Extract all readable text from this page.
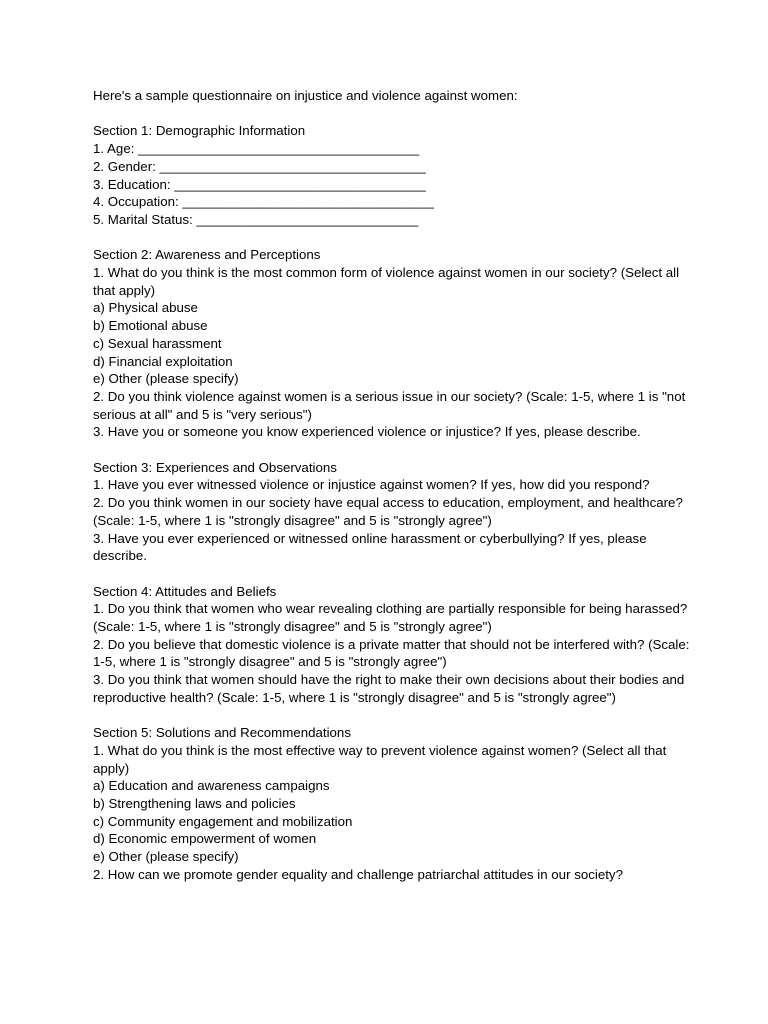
Here's a sample questionnaire on injustice and violence against women:
Section 1: Demographic Information
1. Age: ______________________________________
2. Gender: ____________________________________
3. Education: __________________________________
4. Occupation: __________________________________
5. Marital Status: ______________________________
Section 2: Awareness and Perceptions
1. What do you think is the most common form of violence against women in our society? (Select all that apply)
a) Physical abuse
b) Emotional abuse
c) Sexual harassment
d) Financial exploitation
e) Other (please specify)
2. Do you think violence against women is a serious issue in our society? (Scale: 1-5, where 1 is "not serious at all" and 5 is "very serious")
3. Have you or someone you know experienced violence or injustice? If yes, please describe.
Section 3: Experiences and Observations
1. Have you ever witnessed violence or injustice against women? If yes, how did you respond?
2. Do you think women in our society have equal access to education, employment, and healthcare? (Scale: 1-5, where 1 is "strongly disagree" and 5 is "strongly agree")
3. Have you ever experienced or witnessed online harassment or cyberbullying? If yes, please describe.
Section 4: Attitudes and Beliefs
1. Do you think that women who wear revealing clothing are partially responsible for being harassed? (Scale: 1-5, where 1 is "strongly disagree" and 5 is "strongly agree")
2. Do you believe that domestic violence is a private matter that should not be interfered with? (Scale: 1-5, where 1 is "strongly disagree" and 5 is "strongly agree")
3. Do you think that women should have the right to make their own decisions about their bodies and reproductive health? (Scale: 1-5, where 1 is "strongly disagree" and 5 is "strongly agree")
Section 5: Solutions and Recommendations
1. What do you think is the most effective way to prevent violence against women? (Select all that apply)
a) Education and awareness campaigns
b) Strengthening laws and policies
c) Community engagement and mobilization
d) Economic empowerment of women
e) Other (please specify)
2. How can we promote gender equality and challenge patriarchal attitudes in our society?
